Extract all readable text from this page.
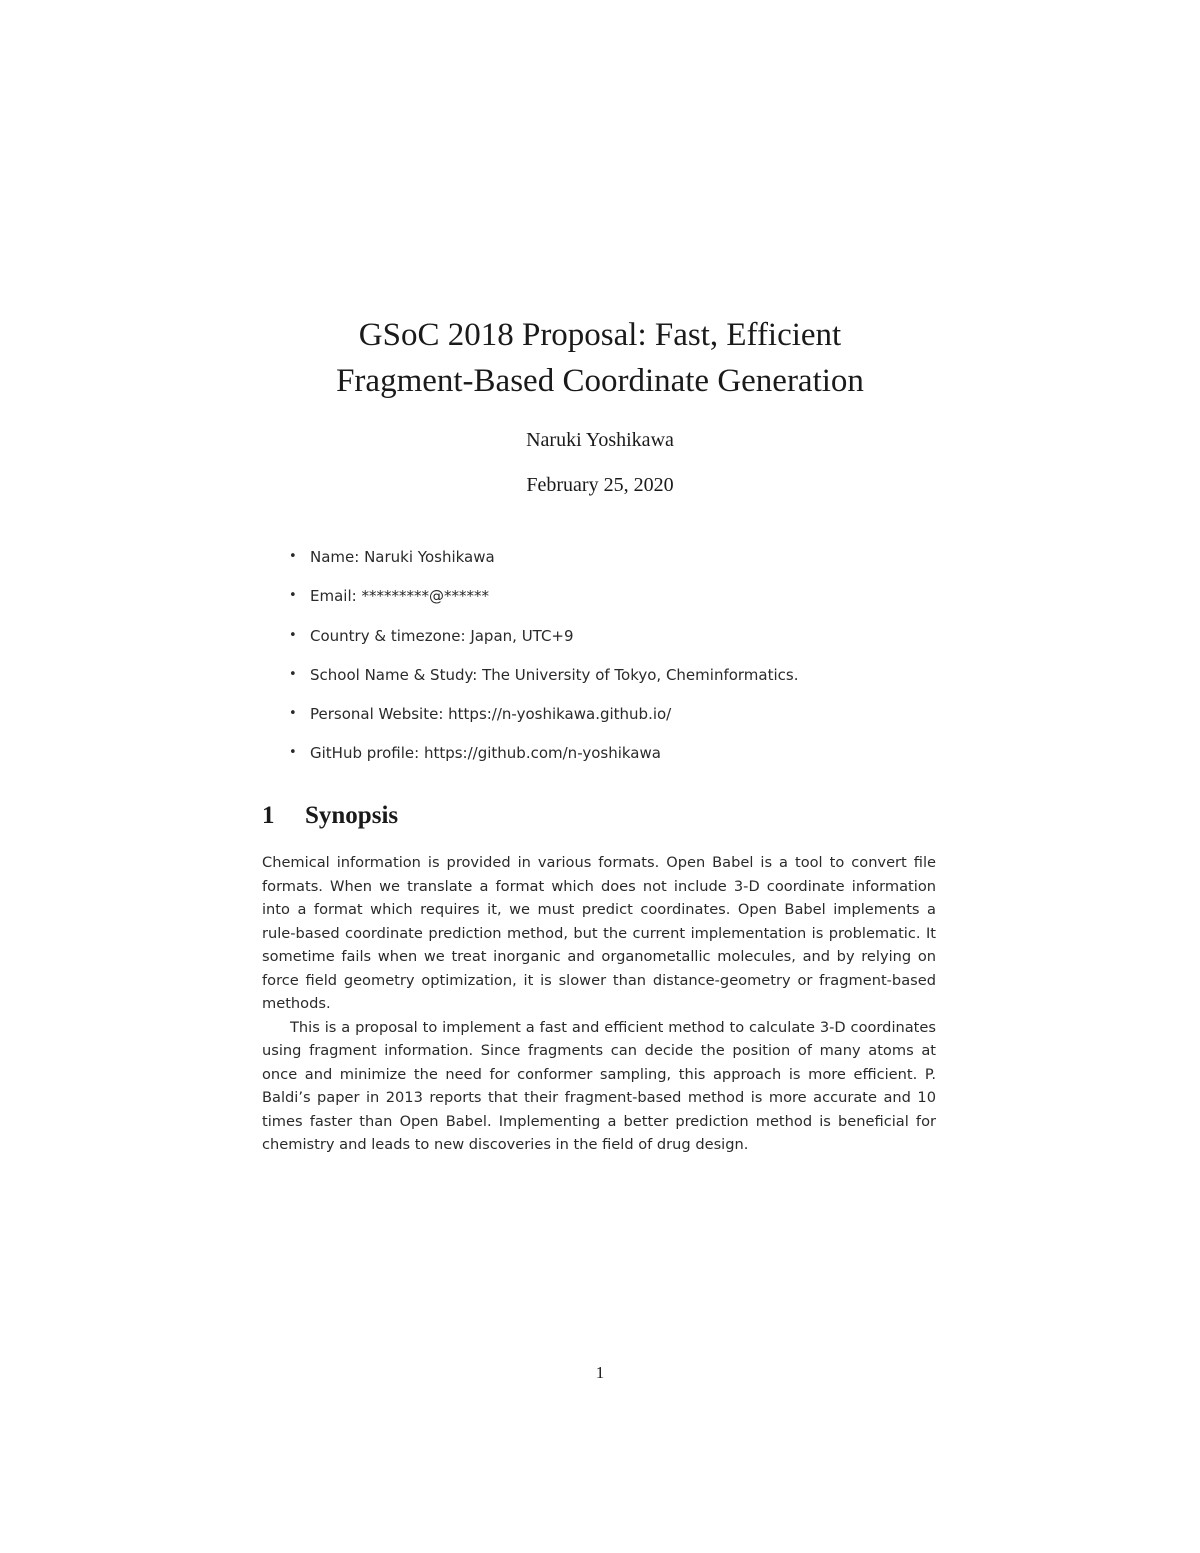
GSoC 2018 Proposal: Fast, Efficient
Fragment-Based Coordinate Generation
Naruki Yoshikawa
February 25, 2020
• Name: Naruki Yoshikawa
• Email: *********@******
• Country & timezone: Japan, UTC+9
• School Name & Study: The University of Tokyo, Cheminformatics.
• Personal Website: https://n-yoshikawa.github.io/
• GitHub profile: https://github.com/n-yoshikawa
1 Synopsis

Chemical information is provided in various formats. Open Babel is a tool to convert file formats. When we translate a format which does not include 3-D coordinate information into a format which requires it, we must predict coordinates. Open Babel implements a rule-based coordinate prediction method, but the current implementation is problematic. It sometime fails when we treat inorganic and organometallic molecules, and by relying on force field geometry optimization, it is slower than distance-geometry or fragment-based methods.

This is a proposal to implement a fast and efficient method to calculate 3-D coordinates using fragment information. Since fragments can decide the position of many atoms at once and minimize the need for conformer sampling, this approach is more efficient. P. Baldi’s paper in 2013 reports that their fragment-based method is more accurate and 10 times faster than Open Babel. Implementing a better prediction method is beneficial for chemistry and leads to new discoveries in the field of drug design.

1
